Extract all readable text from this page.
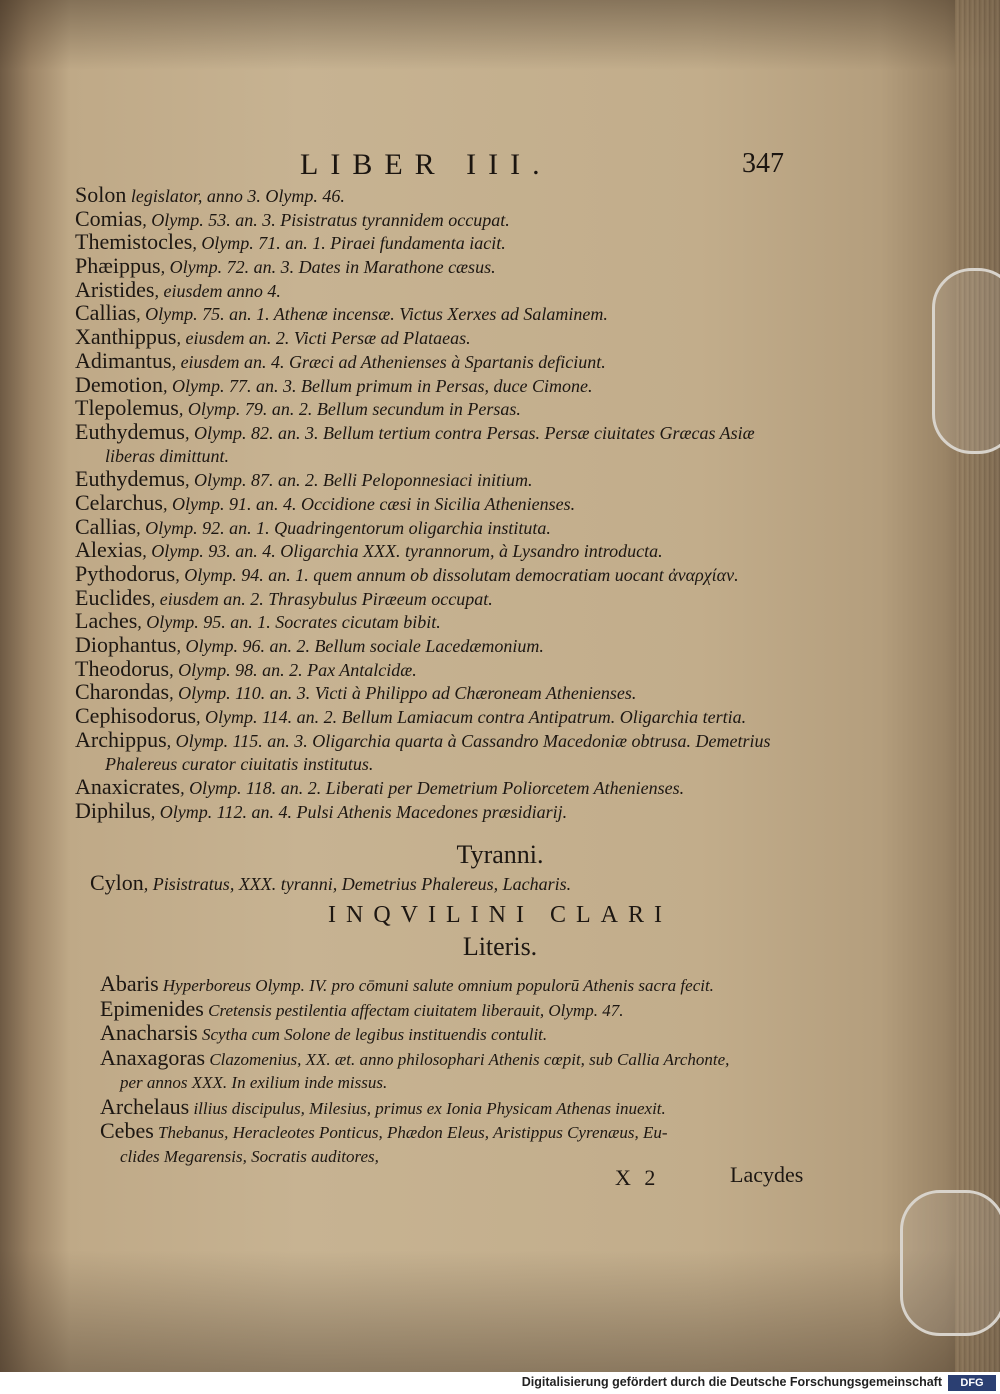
LIBER III.	347
Solon legislator, anno 3. Olymp. 46.
Comias, Olymp. 53. an. 3. Pisistratus tyrannidem occupat.
Themistocles, Olymp. 71. an. 1. Piraei fundamenta iacit.
Phæippus, Olymp. 72. an. 3. Dates in Marathone cæsus.
Aristides, eiusdem anno 4.
Callias, Olymp. 75. an. 1. Athenæ incensæ. Victus Xerxes ad Salaminem.
Xanthippus, eiusdem an. 2. Victi Persæ ad Plataeas.
Adimantus, eiusdem an. 4. Græci ad Athenienses à Spartanis deficiunt.
Demotion, Olymp. 77. an. 3. Bellum primum in Persas, duce Cimone.
Tlepolemus, Olymp. 79. an. 2. Bellum secundum in Persas.
Euthydemus, Olymp. 82. an. 3. Bellum tertium contra Persas. Persæ ciuitates Græcas Asiæ
liberas dimittunt.
Euthydemus, Olymp. 87. an. 2. Belli Peloponnesiaci initium.
Celarchus, Olymp. 91. an. 4. Occidione cæsi in Sicilia Athenienses.
Callias, Olymp. 92. an. 1. Quadringentorum oligarchia instituta.
Alexias, Olymp. 93. an. 4. Oligarchia XXX. tyrannorum, à Lysandro introducta.
Pythodorus, Olymp. 94. an. 1. quem annum ob dissolutam democratiam uocant ἀναρχίαν.
Euclides, eiusdem an. 2. Thrasybulus Piræeum occupat.
Laches, Olymp. 95. an. 1. Socrates cicutam bibit.
Diophantus, Olymp. 96. an. 2. Bellum sociale Lacedæmonium.
Theodorus, Olymp. 98. an. 2. Pax Antalcidæ.
Charondas, Olymp. 110. an. 3. Victi à Philippo ad Chæroneam Athenienses.
Cephisodorus, Olymp. 114. an. 2. Bellum Lamiacum contra Antipatrum. Oligarchia tertia.
Archippus, Olymp. 115. an. 3. Oligarchia quarta à Cassandro Macedoniæ obtrusa. Demetrius
Phalereus curator ciuitatis institutus.
Anaxicrates, Olymp. 118. an. 2. Liberati per Demetrium Poliorcetem Athenienses.
Diphilus, Olymp. 112. an. 4. Pulsi Athenis Macedones præsidiarij.
Tyranni.
Cylon, Pisistratus, XXX. tyranni, Demetrius Phalereus, Lacharis.
INQVILINI CLARI
Literis.
Abaris Hyperboreus Olymp. IV. pro cōmuni salute omnium populorū Athenis sacra fecit.
Epimenides Cretensis pestilentia affectam ciuitatem liberauit, Olymp. 47.
Anacharsis Scytha cum Solone de legibus instituendis contulit.
Anaxagoras Clazomenius, XX. æt. anno philosophari Athenis cœpit, sub Callia Archonte,
per annos XXX. In exilium inde missus.
Archelaus illius discipulus, Milesius, primus ex Ionia Physicam Athenas inuexit.
Cebes Thebanus, Heracleotes Ponticus, Phædon Eleus, Aristippus Cyrenæus, Eu-
clides Megarensis, Socratis auditores,
X 2	Lacydes
Digitalisierung gefördert durch die Deutsche Forschungsgemeinschaft	DFG
